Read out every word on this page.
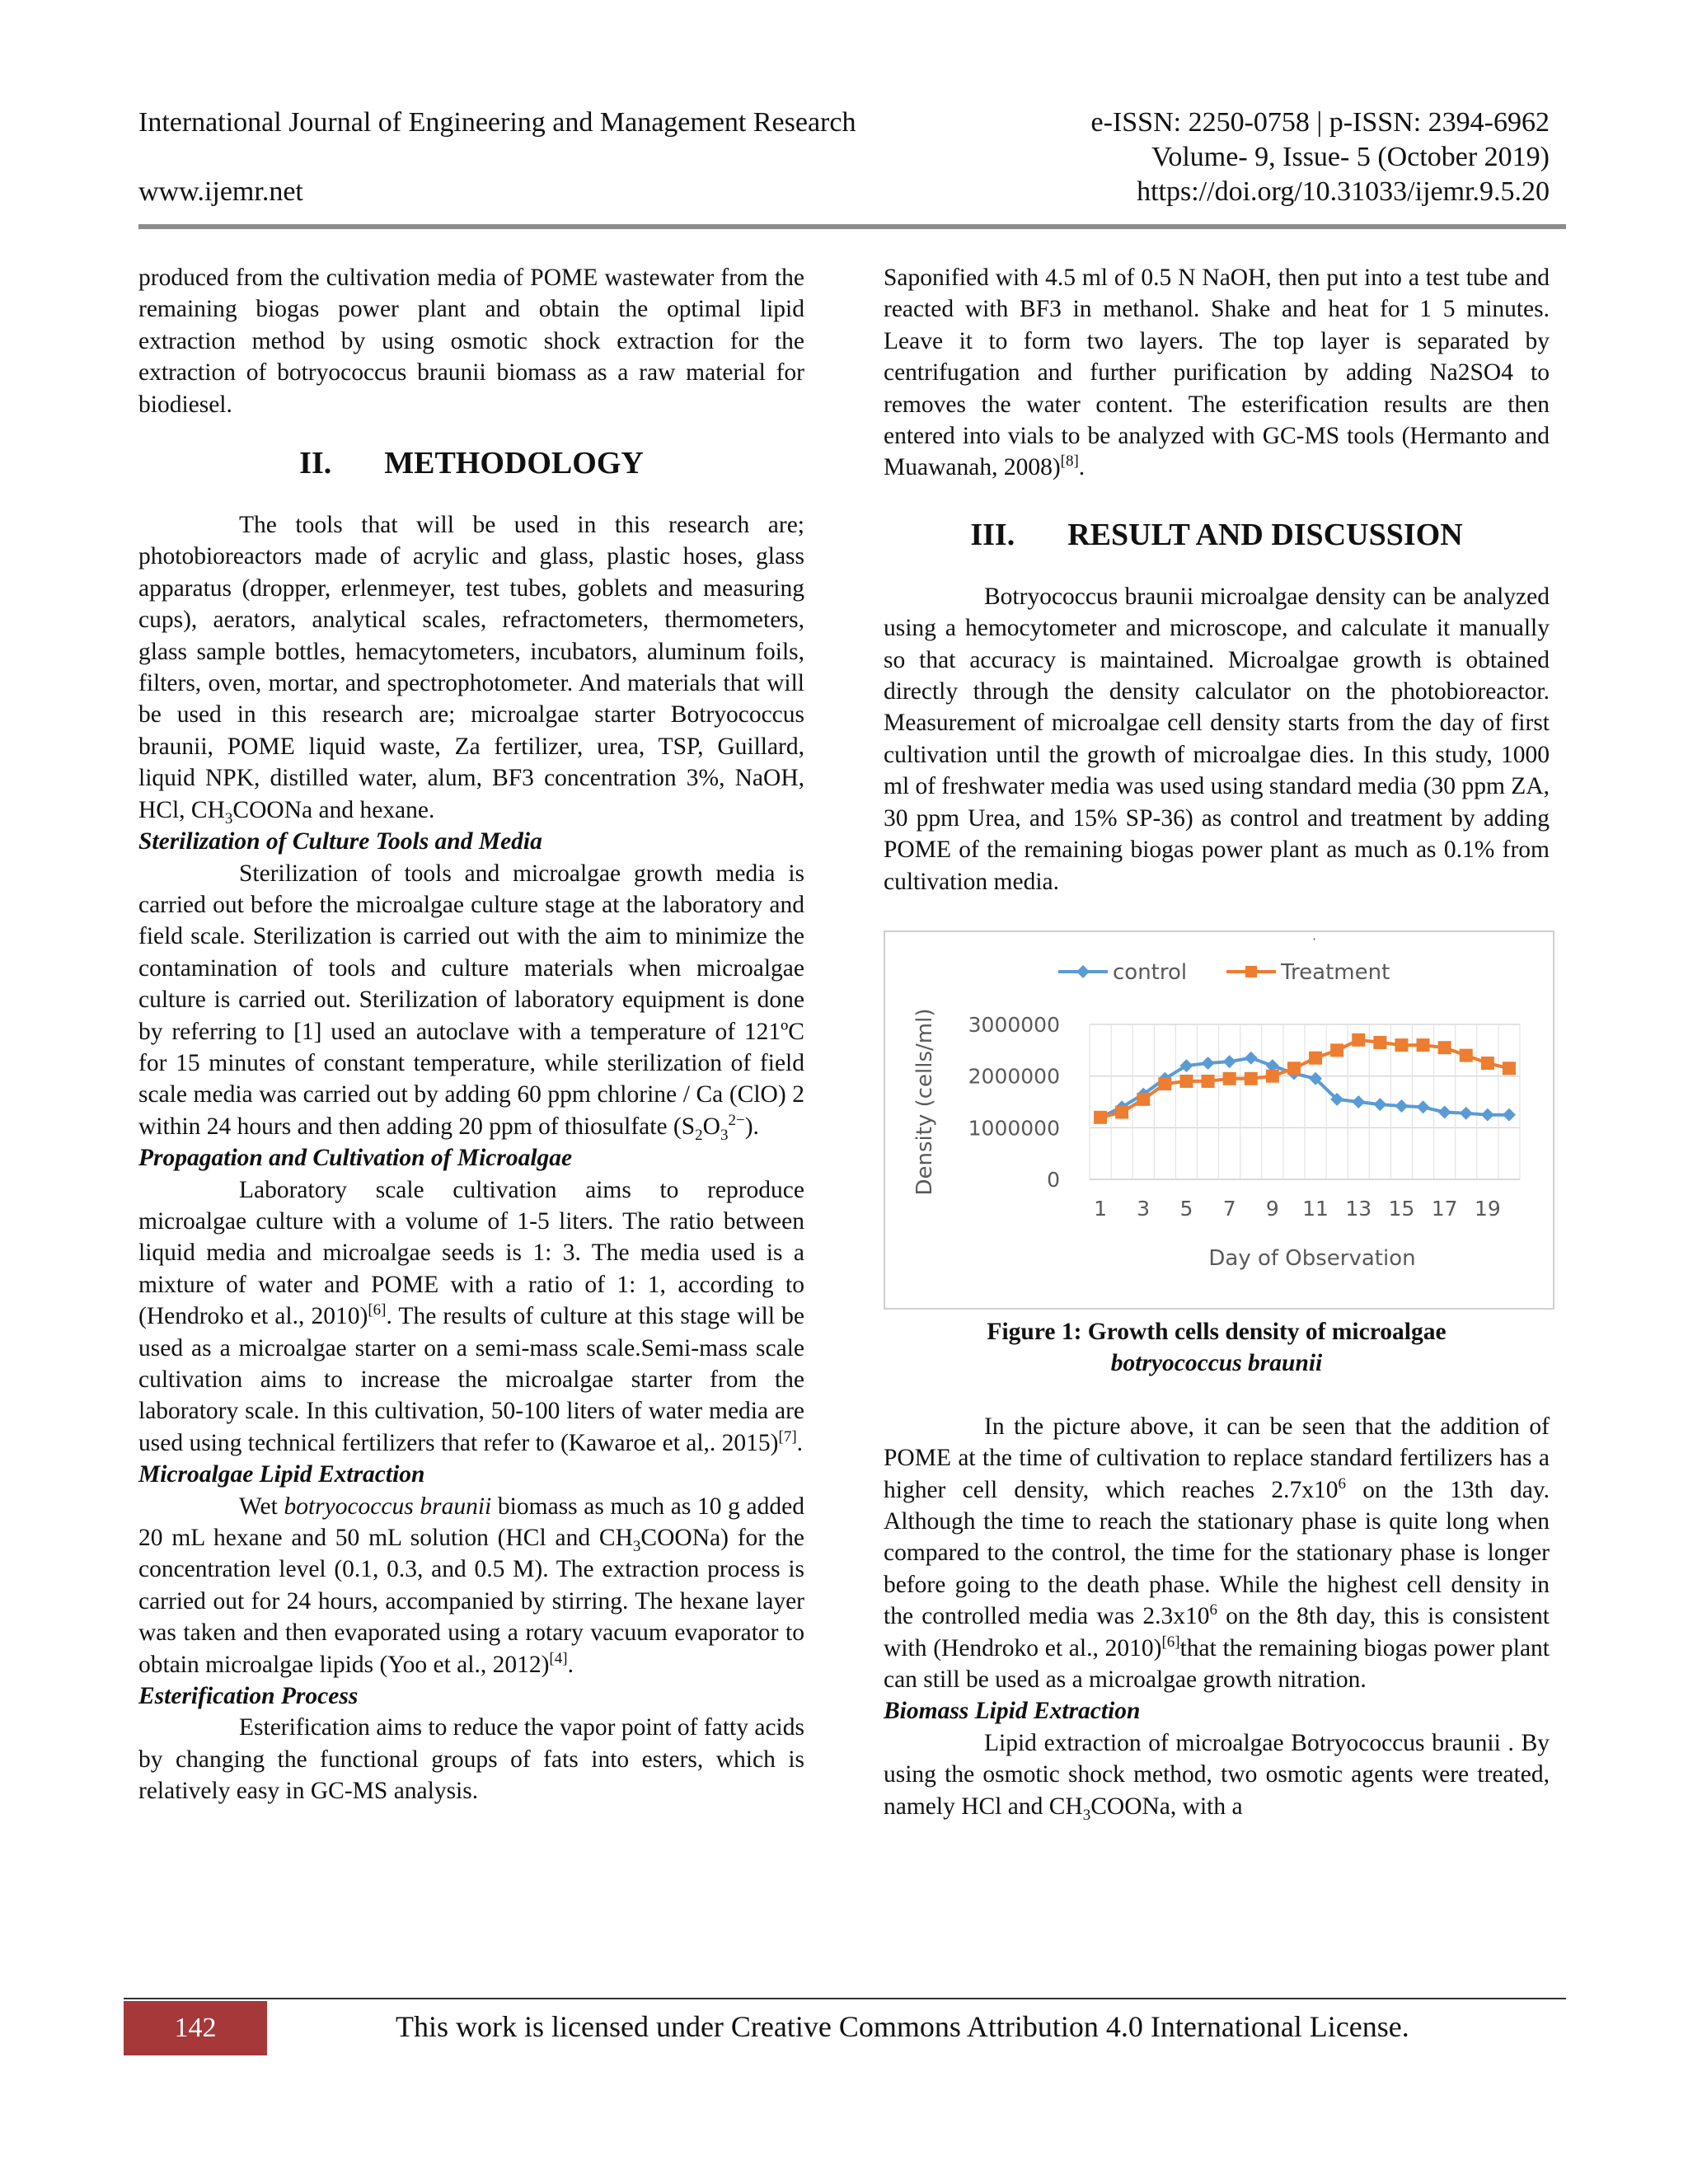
International Journal of Engineering and Management Research	e-ISSN: 2250-0758 | p-ISSN: 2394-6962
Volume- 9, Issue- 5 (October 2019)
www.ijemr.net	https://doi.org/10.31033/ijemr.9.5.20

produced from the cultivation media of POME wastewater from the remaining biogas power plant and obtain the optimal lipid extraction method by using osmotic shock extraction for the extraction of botryococcus braunii biomass as a raw material for biodiesel.

II. METHODOLOGY

The tools that will be used in this research are; photobioreactors made of acrylic and glass, plastic hoses, glass apparatus (dropper, erlenmeyer, test tubes, goblets and measuring cups), aerators, analytical scales, refractometers, thermometers, glass sample bottles, hemacytometers, incubators, aluminum foils, filters, oven, mortar, and spectrophotometer. And materials that will be used in this research are; microalgae starter Botryococcus braunii, POME liquid waste, Za fertilizer, urea, TSP, Guillard, liquid NPK, distilled water, alum, BF3 concentration 3%, NaOH, HCl, $CH_3COONa$ and hexane.

Sterilization of Culture Tools and Media

Sterilization of tools and microalgae growth media is carried out before the microalgae culture stage at the laboratory and field scale. Sterilization is carried out with the aim to minimize the contamination of tools and culture materials when microalgae culture is carried out. Sterilization of laboratory equipment is done by referring to [1] used an autoclave with a temperature of 121ºC for 15 minutes of constant temperature, while sterilization of field scale media was carried out by adding 60 ppm chlorine / Ca (ClO) 2 within 24 hours and then adding 20 ppm of thiosulfate $(S_2O_3^{2-})$.

Propagation and Cultivation of Microalgae

Laboratory scale cultivation aims to reproduce microalgae culture with a volume of 1-5 liters. The ratio between liquid media and microalgae seeds is 1: 3. The media used is a mixture of water and POME with a ratio of 1: 1, according to (Hendroko et al., 2010)[6]. The results of culture at this stage will be used as a microalgae starter on a semi-mass scale.Semi-mass scale cultivation aims to increase the microalgae starter from the laboratory scale. In this cultivation, 50-100 liters of water media are used using technical fertilizers that refer to (Kawaroe et al,. 2015)[7].

Microalgae Lipid Extraction

Wet botryococcus braunii biomass as much as 10 g added 20 mL hexane and 50 mL solution (HCl and $CH_3COONa$) for the concentration level (0.1, 0.3, and 0.5 M). The extraction process is carried out for 24 hours, accompanied by stirring. The hexane layer was taken and then evaporated using a rotary vacuum evaporator to obtain microalgae lipids (Yoo et al., 2012)[4].

Esterification Process

Esterification aims to reduce the vapor point of fatty acids by changing the functional groups of fats into esters, which is relatively easy in GC-MS analysis.

Saponified with 4.5 ml of 0.5 N NaOH, then put into a test tube and reacted with BF3 in methanol. Shake and heat for 1 5 minutes. Leave it to form two layers. The top layer is separated by centrifugation and further purification by adding Na2SO4 to removes the water content. The esterification results are then entered into vials to be analyzed with GC-MS tools (Hermanto and Muawanah, 2008)[8].

III. RESULT AND DISCUSSION

Botryococcus braunii microalgae density can be analyzed using a hemocytometer and microscope, and calculate it manually so that accuracy is maintained. Microalgae growth is obtained directly through the density calculator on the photobioreactor. Measurement of microalgae cell density starts from the day of first cultivation until the growth of microalgae dies. In this study, 1000 ml of freshwater media was used using standard media (30 ppm ZA, 30 ppm Urea, and 15% SP-36) as control and treatment by adding POME of the remaining biogas power plant as much as 0.1% from cultivation media.

·
0
1000000
2000000
3000000
1 3 5 7 9 11 13 15 17 19
Day of Observation
Density (cells/ml)
control	Treatment
Figure 1: Growth cells density of microalgae
botryococcus braunii

In the picture above, it can be seen that the addition of POME at the time of cultivation to replace standard fertilizers has a higher cell density, which reaches $2.7x10^6$ on the 13th day. Although the time to reach the stationary phase is quite long when compared to the control, the time for the stationary phase is longer before going to the death phase. While the highest cell density in the controlled media was $2.3x10^6$ on the 8th day, this is consistent with (Hendroko et al., 2010)[6]that the remaining biogas power plant can still be used as a microalgae growth nitration.

Biomass Lipid Extraction

Lipid extraction of microalgae Botryococcus braunii . By using the osmotic shock method, two osmotic agents were treated, namely HCl and $CH_3COONa$, with a

142	This work is licensed under Creative Commons Attribution 4.0 International License.
